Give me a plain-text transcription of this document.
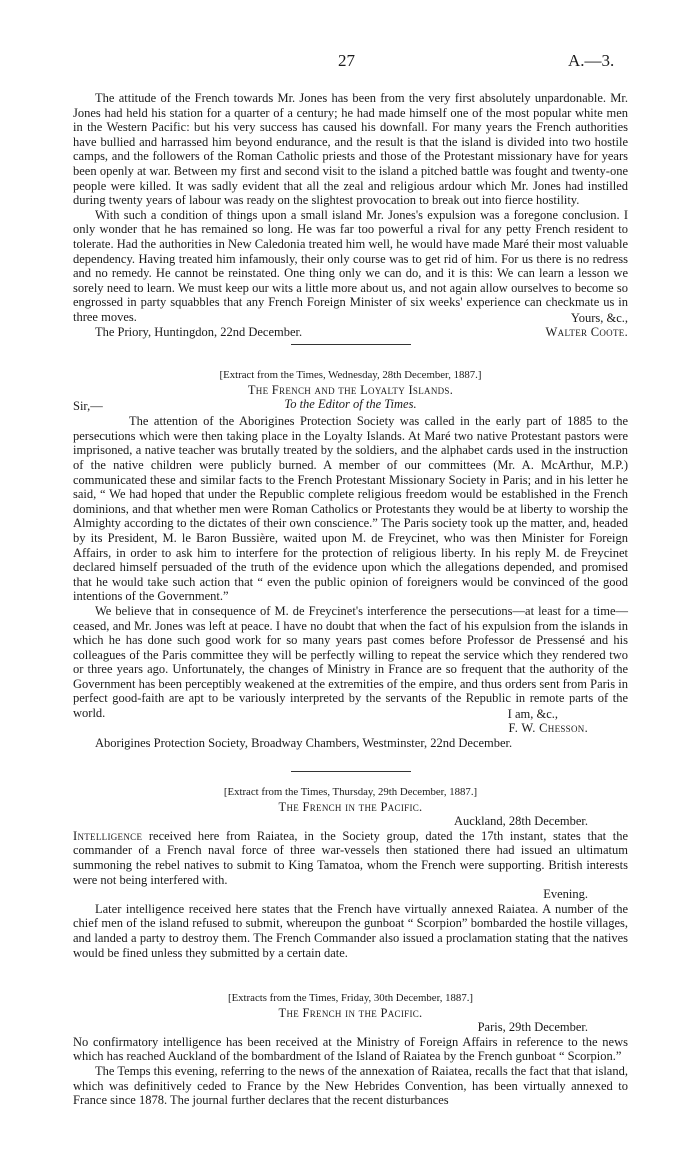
27	A.—3.

The attitude of the French towards Mr. Jones has been from the very first absolutely unpardonable. Mr. Jones had held his station for a quarter of a century; he had made himself one of the most popular white men in the Western Pacific: but his very success has caused his downfall. For many years the French authorities have bullied and harrassed him beyond endurance, and the result is that the island is divided into two hostile camps, and the followers of the Roman Catholic priests and those of the Protestant missionary have for years been openly at war. Between my first and second visit to the island a pitched battle was fought and twenty-one people were killed. It was sadly evident that all the zeal and religious ardour which Mr. Jones had instilled during twenty years of labour was ready on the slightest provocation to break out into fierce hostility.

With such a condition of things upon a small island Mr. Jones's expulsion was a foregone conclusion. I only wonder that he has remained so long. He was far too powerful a rival for any petty French resident to tolerate. Had the authorities in New Caledonia treated him well, he would have made Maré their most valuable dependency. Having treated him infamously, their only course was to get rid of him. For us there is no redress and no remedy. He cannot be reinstated. One thing only we can do, and it is this: We can learn a lesson we sorely need to learn. We must keep our wits a little more about us, and not again allow ourselves to become so engrossed in party squabbles that any French Foreign Minister of six weeks' experience can checkmate us in three moves.	Yours, &c.,
The Priory, Huntingdon, 22nd December.	Walter Coote.
[Extract from the Times, Wednesday, 28th December, 1887.]
The French and the Loyalty Islands.
Sir,—	To the Editor of the Times.

The attention of the Aborigines Protection Society was called in the early part of 1885 to the persecutions which were then taking place in the Loyalty Islands. At Maré two native Protestant pastors were imprisoned, a native teacher was brutally treated by the soldiers, and the alphabet cards used in the instruction of the native children were publicly burned. A member of our committees (Mr. A. McArthur, M.P.) communicated these and similar facts to the French Protestant Missionary Society in Paris; and in his letter he said, “ We had hoped that under the Republic complete religious freedom would be established in the French dominions, and that whether men were Roman Catholics or Protestants they would be at liberty to worship the Almighty according to the dictates of their own conscience.” The Paris society took up the matter, and, headed by its President, M. le Baron Bussière, waited upon M. de Freycinet, who was then Minister for Foreign Affairs, in order to ask him to interfere for the protection of religious liberty. In his reply M. de Freycinet declared himself persuaded of the truth of the evidence upon which the allegations depended, and promised that he would take such action that “ even the public opinion of foreigners would be convinced of the good intentions of the Government.”

We believe that in consequence of M. de Freycinet's interference the persecutions—at least for a time—ceased, and Mr. Jones was left at peace. I have no doubt that when the fact of his expulsion from the islands in which he has done such good work for so many years past comes before Professor de Pressensé and his colleagues of the Paris committee they will be perfectly willing to repeat the service which they rendered two or three years ago. Unfortunately, the changes of Ministry in France are so frequent that the authority of the Government has been perceptibly weakened at the extremities of the empire, and thus orders sent from Paris in perfect good-faith are apt to be variously interpreted by the servants of the Republic in remote parts of the world.	I am, &c.,
F. W. Chesson.
Aborigines Protection Society, Broadway Chambers, Westminster, 22nd December.
[Extract from the Times, Thursday, 29th December, 1887.]
The French in the Pacific.
Auckland, 28th December.

Intelligence received here from Raiatea, in the Society group, dated the 17th instant, states that the commander of a French naval force of three war-vessels then stationed there had issued an ultimatum summoning the rebel natives to submit to King Tamatoa, whom the French were supporting. British interests were not being interfered with.

Evening.

Later intelligence received here states that the French have virtually annexed Raiatea. A number of the chief men of the island refused to submit, whereupon the gunboat “ Scorpion” bombarded the hostile villages, and landed a party to destroy them. The French Commander also issued a proclamation stating that the natives would be fined unless they submitted by a certain date.

[Extracts from the Times, Friday, 30th December, 1887.]
The French in the Pacific.
Paris, 29th December.

No confirmatory intelligence has been received at the Ministry of Foreign Affairs in reference to the news which has reached Auckland of the bombardment of the Island of Raiatea by the French gunboat “ Scorpion.”

The Temps this evening, referring to the news of the annexation of Raiatea, recalls the fact that that island, which was definitively ceded to France by the New Hebrides Convention, has been virtually annexed to France since 1878. The journal further declares that the recent disturbances
